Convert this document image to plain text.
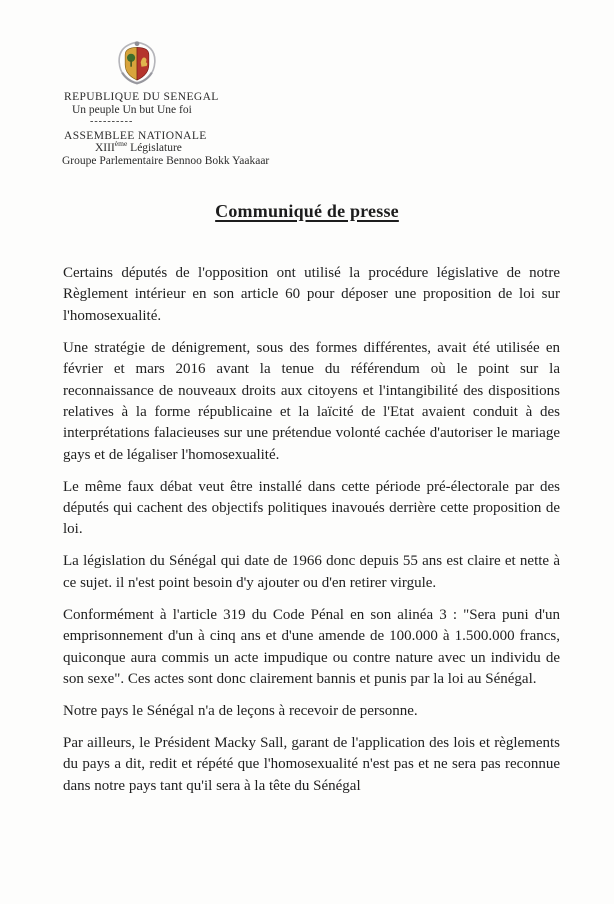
REPUBLIQUE DU SENEGAL
Un peuple Un but Une foi
----------
ASSEMBLEE NATIONALE
XIIIème Législature
Groupe Parlementaire Bennoo Bokk Yaakaar
Communiqué de presse

Certains députés de l'opposition ont utilisé la procédure législative de notre Règlement intérieur en son article 60 pour déposer une proposition de loi sur l'homosexualité.

Une stratégie de dénigrement, sous des formes différentes, avait été utilisée en février et mars 2016 avant la tenue du référendum où le point sur la reconnaissance de nouveaux droits aux citoyens et l'intangibilité des dispositions relatives à la forme républicaine et la laïcité de l'Etat avaient conduit à des interprétations falacieuses sur une prétendue volonté cachée d'autoriser le mariage gays et de légaliser l'homosexualité.

Le même faux débat veut être installé dans cette période pré-électorale par des députés qui cachent des objectifs politiques inavoués derrière cette proposition de loi.

La législation du Sénégal qui date de 1966 donc depuis 55 ans est claire et nette à ce sujet. il n'est point besoin d'y ajouter ou d'en retirer virgule.

Conformément à l'article 319 du Code Pénal en son alinéa 3 : "Sera puni d'un emprisonnement d'un à cinq ans et d'une amende de 100.000 à 1.500.000 francs, quiconque aura commis un acte impudique ou contre nature avec un individu de son sexe". Ces actes sont donc clairement bannis et punis par la loi au Sénégal.

Notre pays le Sénégal n'a de leçons à recevoir de personne.

Par ailleurs, le Président Macky Sall, garant de l'application des lois et règlements du pays a dit, redit et répété que l'homosexualité n'est pas et ne sera pas reconnue dans notre pays tant qu'il sera à la tête du Sénégal
